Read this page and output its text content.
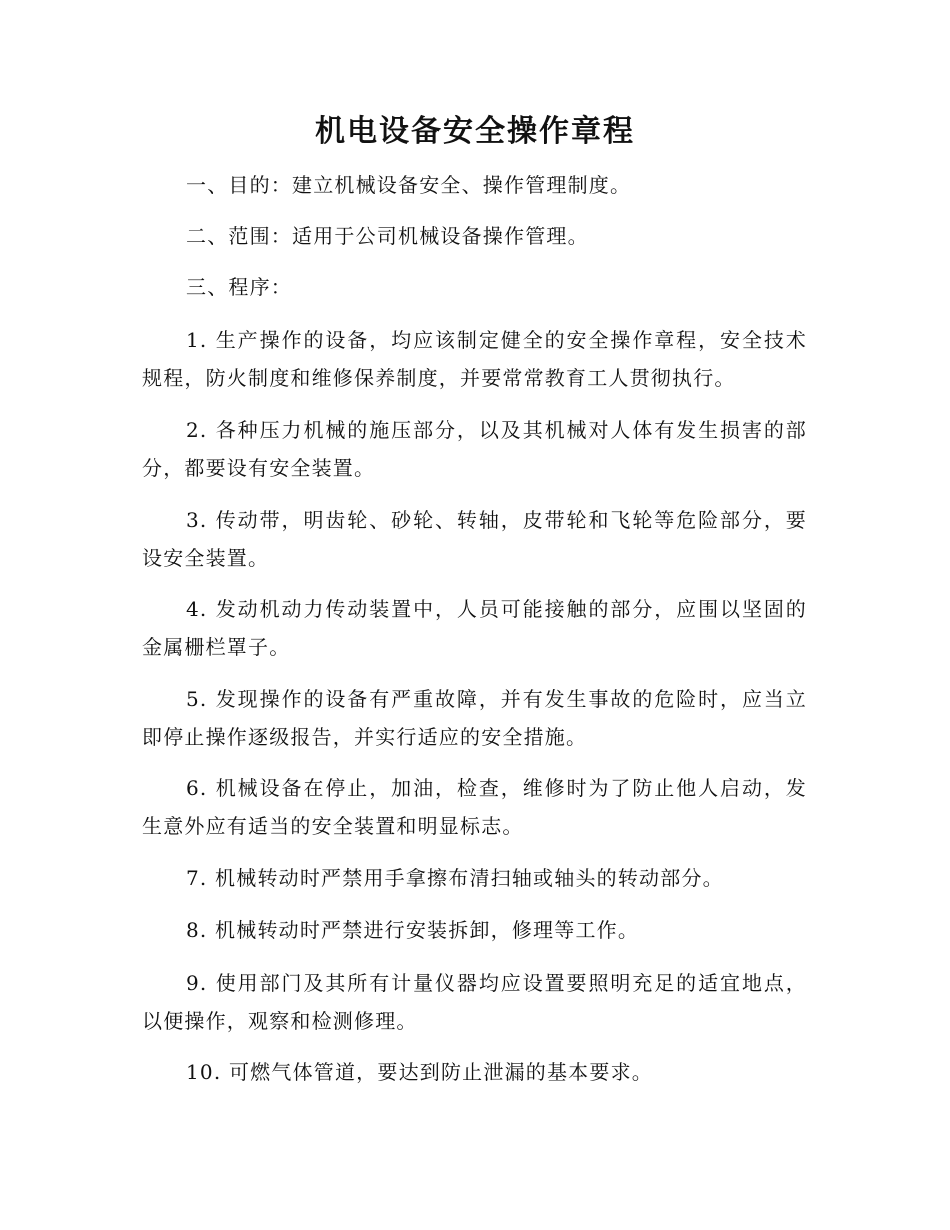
机电设备安全操作章程

一、目的：建立机械设备安全、操作管理制度。

二、范围：适用于公司机械设备操作管理。

三、程序：

1. 生产操作的设备，均应该制定健全的安全操作章程，安全技术规程，防火制度和维修保养制度，并要常常教育工人贯彻执行。

2. 各种压力机械的施压部分，以及其机械对人体有发生损害的部分，都要设有安全装置。

3. 传动带，明齿轮、砂轮、转轴，皮带轮和飞轮等危险部分，要设安全装置。

4. 发动机动力传动装置中，人员可能接触的部分，应围以坚固的金属栅栏罩子。

5. 发现操作的设备有严重故障，并有发生事故的危险时，应当立即停止操作逐级报告，并实行适应的安全措施。

6. 机械设备在停止，加油，检查，维修时为了防止他人启动，发生意外应有适当的安全装置和明显标志。

7. 机械转动时严禁用手拿擦布清扫轴或轴头的转动部分。

8. 机械转动时严禁进行安装拆卸，修理等工作。

9. 使用部门及其所有计量仪器均应设置要照明充足的适宜地点，以便操作，观察和检测修理。

10. 可燃气体管道，要达到防止泄漏的基本要求。
